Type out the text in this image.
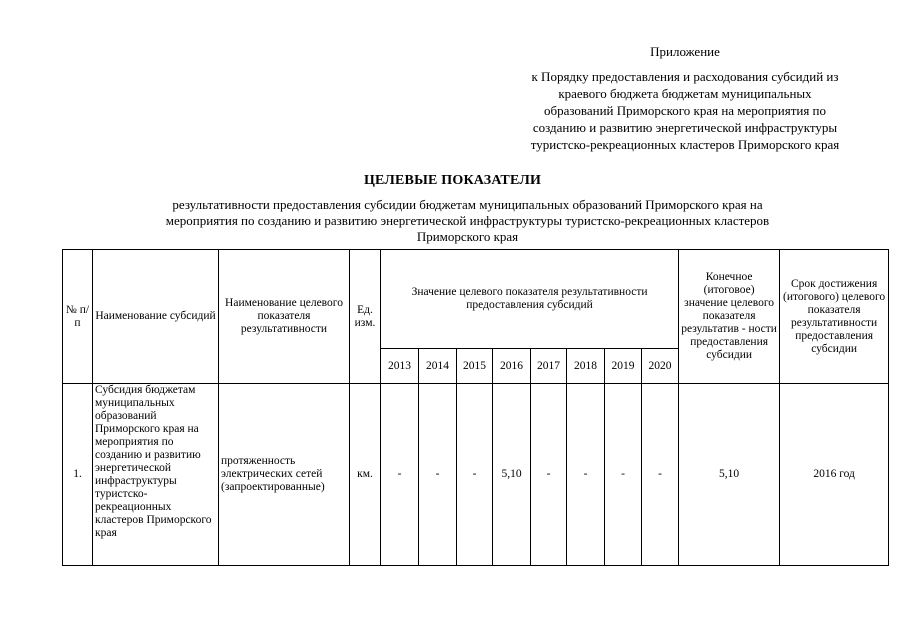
Приложение
к Порядку предоставления и расходования субсидий из
краевого бюджета бюджетам муниципальных
образований Приморского края на мероприятия по
созданию и развитию энергетической инфраструктуры
туристско-рекреационных кластеров Приморского края
ЦЕЛЕВЫЕ ПОКАЗАТЕЛИ
результативности предоставления субсидии бюджетам муниципальных образований Приморского края на
мероприятия по созданию и развитию энергетической инфраструктуры туристско-рекреационных кластеров
Приморского края
№ п/п	Наименование субсидий	Наименование целевого показателя результативности	Ед. изм.	Значение целевого показателя результативности предоставления субсидий								Конечное (итоговое) значение целевого показателя результатив - ности предоставления субсидии	Срок достижения (итогового) целевого показателя результативности предоставления субсидии
				2013	2014	2015	2016	2017	2018	2019	2020		
1.	Субсидия бюджетам муниципальных образований Приморского края на мероприятия по созданию и развитию энергетической инфраструктуры туристско-рекреационных кластеров Приморского края	протяженность электрических сетей (запроектированные)	км.	-	-	-	5,10	-	-	-	-	5,10	2016 год
